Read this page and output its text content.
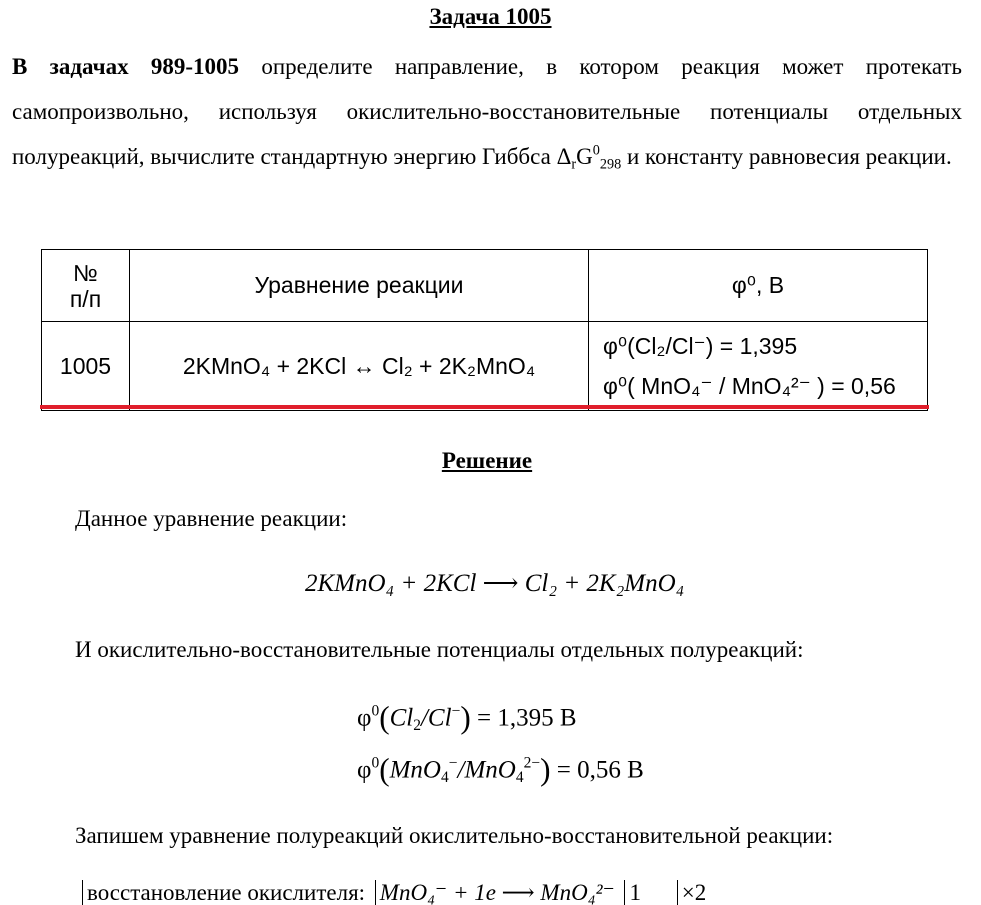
Задача 1005
В задачах 989-1005 определите направление, в котором реакция может протекать самопроизвольно, используя окислительно-восстановительные потенциалы отдельных полуреакций, вычислите стандартную энергию Гиббса $\Delta_rG^0_{298}$ и константу равновесия реакции.
№
п/п	Уравнение реакции	φ⁰, В
1005	2KMnO₄ + 2KCl ↔ Cl₂ + 2K₂MnO₄	φ⁰(Cl₂/Cl⁻) = 1,395
φ⁰( MnO₄⁻ / MnO₄²⁻ ) = 0,56
Решение
Данное уравнение реакции:
2KMnO₄ + 2KCl ⟶ Cl₂ + 2K₂MnO₄
И окислительно-восстановительные потенциалы отдельных полуреакций:
$\varphi^0(Cl_2/Cl^-) = 1,395$ В
$\varphi^0(MnO_4^-/MnO_4^{2-}) = 0,56$ В
Запишем уравнение полуреакций окислительно-восстановительной реакции:
восстановление окислителя: MnO₄⁻ + 1e ⟶ MnO₄²⁻ 1 ×2
